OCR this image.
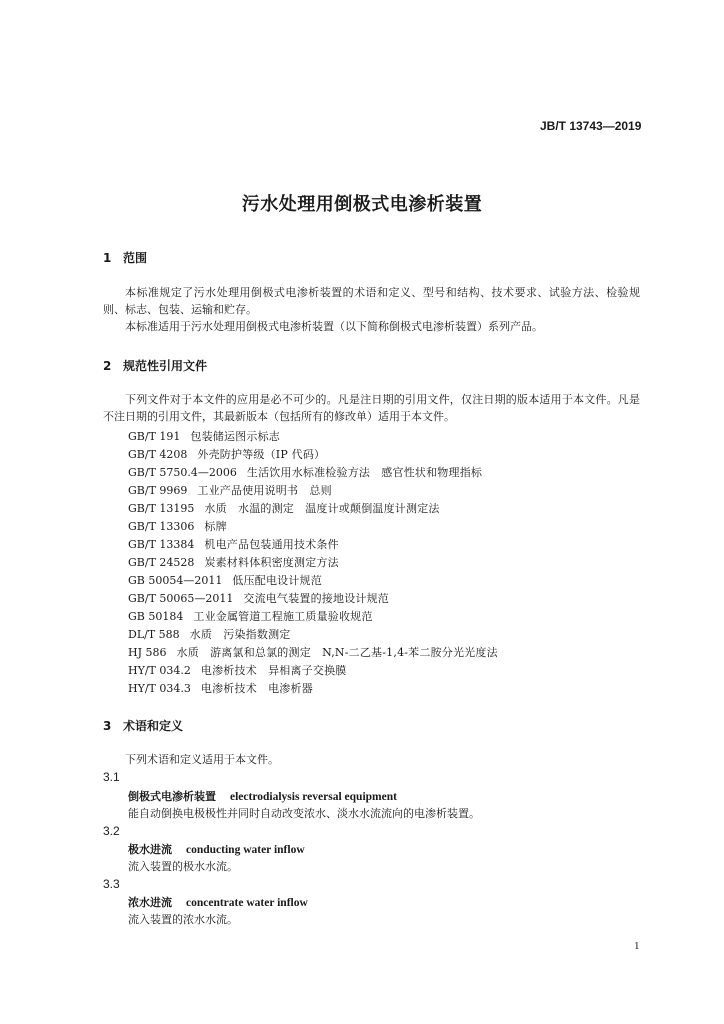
JB/T 13743—2019
污水处理用倒极式电渗析装置
1 范围
本标准规定了污水处理用倒极式电渗析装置的术语和定义、型号和结构、技术要求、试验方法、检验规则、标志、包装、运输和贮存。
本标准适用于污水处理用倒极式电渗析装置（以下简称倒极式电渗析装置）系列产品。
2 规范性引用文件
下列文件对于本文件的应用是必不可少的。凡是注日期的引用文件，仅注日期的版本适用于本文件。凡是不注日期的引用文件，其最新版本（包括所有的修改单）适用于本文件。
GB/T 191 包装储运图示标志
GB/T 4208 外壳防护等级（IP 代码）
GB/T 5750.4—2006 生活饮用水标准检验方法　感官性状和物理指标
GB/T 9969 工业产品使用说明书　总则
GB/T 13195 水质　水温的测定　温度计或颠倒温度计测定法
GB/T 13306 标牌
GB/T 13384 机电产品包装通用技术条件
GB/T 24528 炭素材料体积密度测定方法
GB 50054—2011 低压配电设计规范
GB/T 50065—2011 交流电气装置的接地设计规范
GB 50184 工业金属管道工程施工质量验收规范
DL/T 588 水质　污染指数测定
HJ 586 水质　游离氯和总氯的测定　N,N-二乙基-1,4-苯二胺分光光度法
HY/T 034.2 电渗析技术　异相离子交换膜
HY/T 034.3 电渗析技术　电渗析器
3 术语和定义
下列术语和定义适用于本文件。
3.1
倒极式电渗析装置 electrodialysis reversal equipment
能自动倒换电极极性并同时自动改变浓水、淡水水流流向的电渗析装置。
3.2
极水进流 conducting water inflow
流入装置的极水水流。
3.3
浓水进流 concentrate water inflow
流入装置的浓水水流。
1
